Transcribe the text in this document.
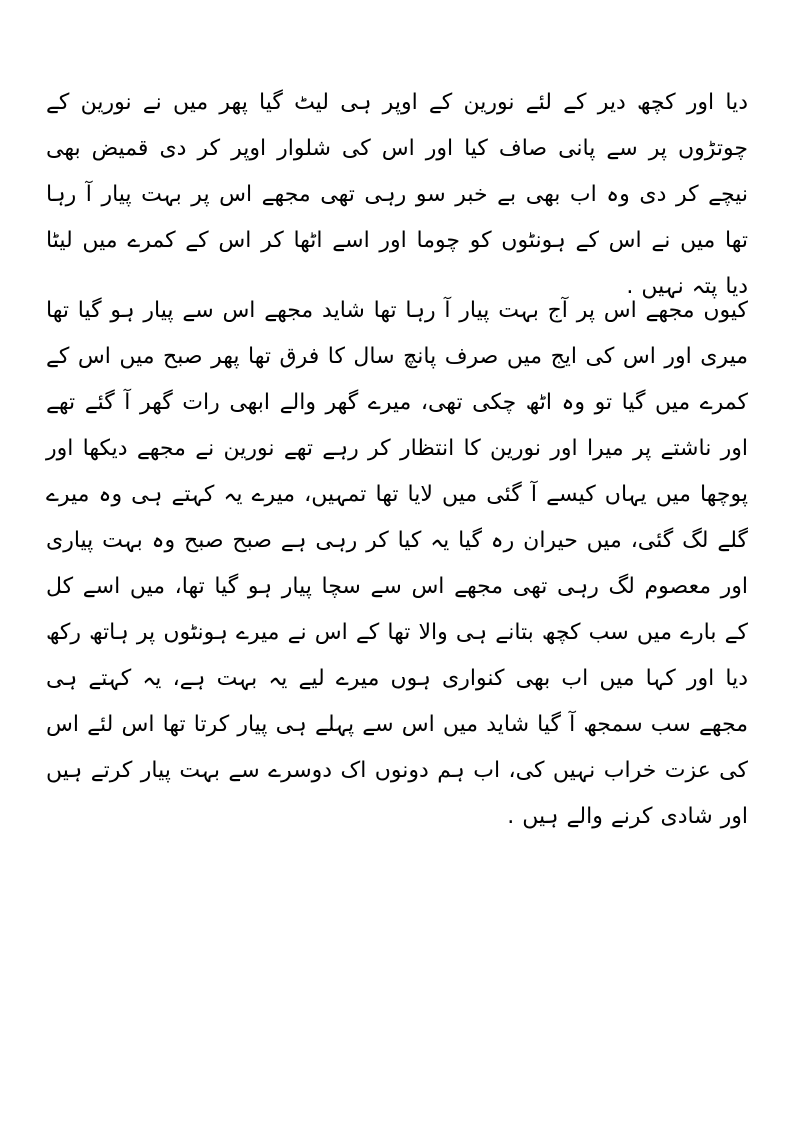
دیا اور کچھ دیر کے لئے نورین کے اوپر ہی لیٹ گیا پھر میں نے نورین کے چوتڑوں پر سے پانی صاف کیا اور اس کی شلوار اوپر کر دی قمیض بھی نیچے کر دی وہ اب بھی بے خبر سو رہی تھی مجھے اس پر بہت پیار آ رہا تھا میں نے اس کے ہونٹوں کو چوما اور اسے اٹھا کر اس کے کمرے میں لیٹا دیا پتہ نہیں .

کیوں مجھے اس پر آج بہت پیار آ رہا تھا شاید مجھے اس سے پیار ہو گیا تھا میری اور اس کی ایج میں صرف پانچ سال کا فرق تھا پھر صبح میں اس کے کمرے میں گیا تو وہ اٹھ چکی تھی، میرے گھر والے ابھی رات گھر آ گئے تھے اور ناشتے پر میرا اور نورین کا انتظار کر رہے تھے نورین نے مجھے دیکھا اور پوچھا میں یہاں کیسے آ گئی میں لایا تھا تمہیں، میرے یہ کہتے ہی وہ میرے گلے لگ گئی، میں حیران رہ گیا یہ کیا کر رہی ہے صبح صبح وہ بہت پیاری اور معصوم لگ رہی تھی مجھے اس سے سچا پیار ہو گیا تھا، میں اسے کل کے بارے میں سب کچھ بتانے ہی والا تھا کے اس نے میرے ہونٹوں پر ہاتھ رکھ دیا اور کہا میں اب بھی کنواری ہوں میرے لیے یہ بہت ہے، یہ کہتے ہی مجھے سب سمجھ آ گیا شاید میں اس سے پہلے ہی پیار کرتا تھا اس لئے اس کی عزت خراب نہیں کی، اب ہم دونوں اک دوسرے سے بہت پیار کرتے ہیں اور شادی کرنے والے ہیں .
